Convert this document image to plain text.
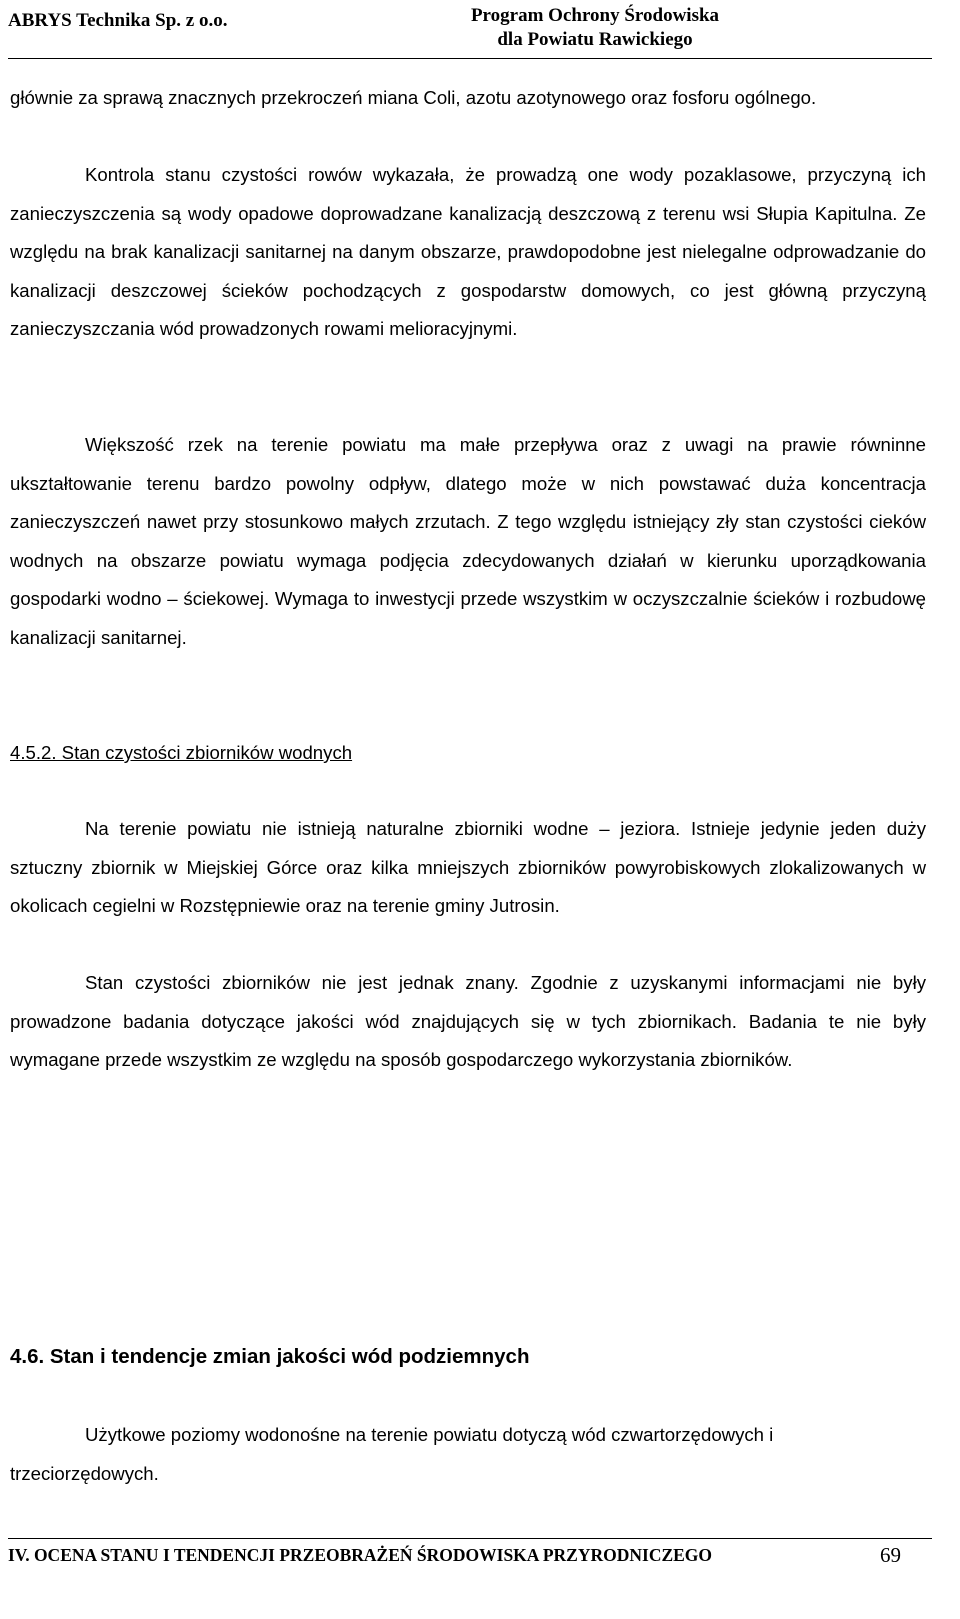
ABRYS Technika Sp. z o.o.	Program Ochrony Środowiska
dla Powiatu Rawickiego

głównie za sprawą znacznych przekroczeń miana Coli, azotu azotynowego oraz fosforu ogólnego.

Kontrola stanu czystości rowów wykazała, że prowadzą one wody pozaklasowe, przyczyną ich zanieczyszczenia są wody opadowe doprowadzane kanalizacją deszczową z terenu wsi Słupia Kapitulna. Ze względu na brak kanalizacji sanitarnej na danym obszarze, prawdopodobne jest nielegalne odprowadzanie do kanalizacji deszczowej ścieków pochodzących z gospodarstw domowych, co jest główną przyczyną zanieczyszczania wód prowadzonych rowami melioracyjnymi.

Większość rzek na terenie powiatu ma małe przepływa oraz z uwagi na prawie równinne ukształtowanie terenu bardzo powolny odpływ, dlatego może w nich powstawać duża koncentracja zanieczyszczeń nawet przy stosunkowo małych zrzutach. Z tego względu istniejący zły stan czystości cieków wodnych na obszarze powiatu wymaga podjęcia zdecydowanych działań w kierunku uporządkowania gospodarki wodno – ściekowej. Wymaga to inwestycji przede wszystkim w oczyszczalnie ścieków i rozbudowę kanalizacji sanitarnej.

4.5.2. Stan czystości zbiorników wodnych

Na terenie powiatu nie istnieją naturalne zbiorniki wodne – jeziora. Istnieje jedynie jeden duży sztuczny zbiornik w Miejskiej Górce oraz kilka mniejszych zbiorników powyrobiskowych zlokalizowanych w okolicach cegielni w Rozstępniewie oraz na terenie gminy Jutrosin.

Stan czystości zbiorników nie jest jednak znany. Zgodnie z uzyskanymi informacjami nie były prowadzone badania dotyczące jakości wód znajdujących się w tych zbiornikach. Badania te nie były wymagane przede wszystkim ze względu na sposób gospodarczego wykorzystania zbiorników.

4.6. Stan i tendencje zmian jakości wód podziemnych

Użytkowe poziomy wodonośne na terenie powiatu dotyczą wód czwartorzędowych i trzeciorzędowych.

IV. OCENA STANU I TENDENCJI PRZEOBRAŻEŃ ŚRODOWISKA PRZYRODNICZEGO	69
